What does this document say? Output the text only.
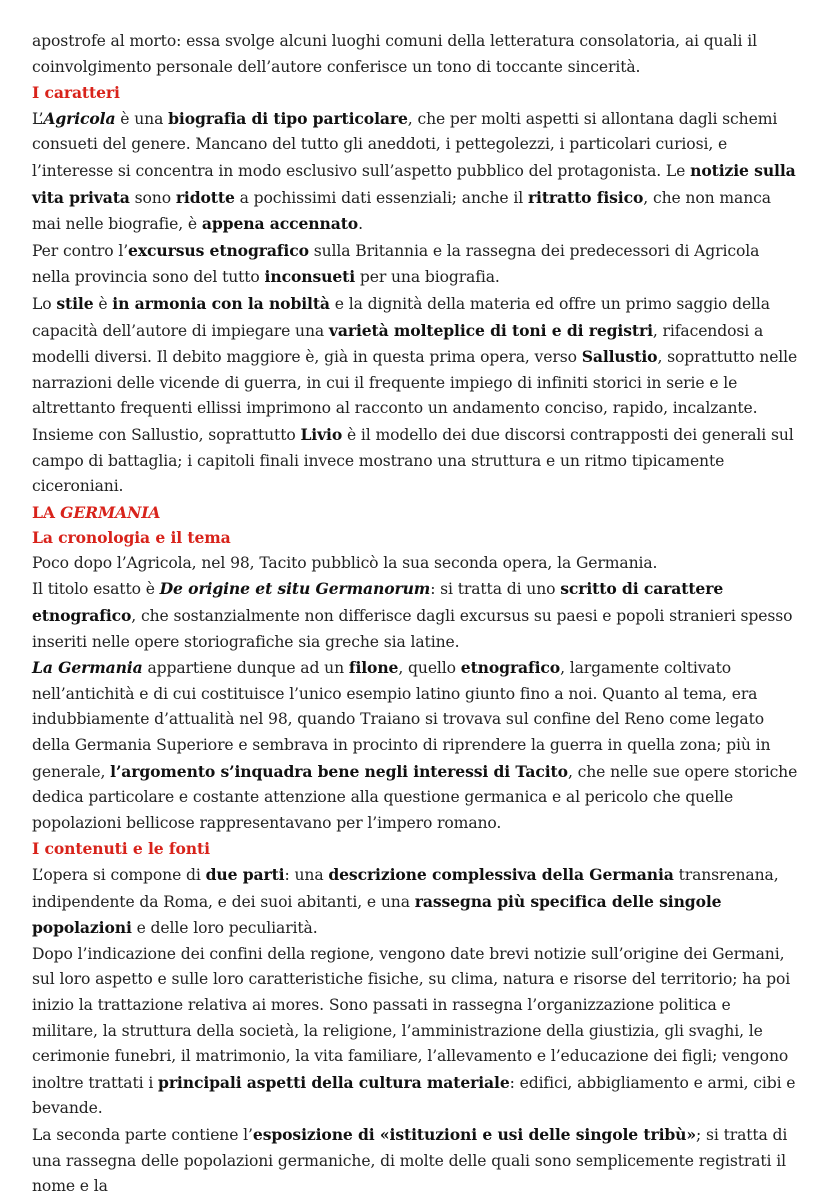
apostrofe al morto: essa svolge alcuni luoghi comuni della letteratura consolatoria, ai quali il coinvolgimento personale dell’autore conferisce un tono di toccante sincerità.
I caratteri
L’Agricola è una biografia di tipo particolare, che per molti aspetti si allontana dagli schemi consueti del genere. Mancano del tutto gli aneddoti, i pettegolezzi, i particolari curiosi, e l’interesse si concentra in modo esclusivo sull’aspetto pubblico del protagonista. Le notizie sulla vita privata sono ridotte a pochissimi dati essenziali; anche il ritratto fisico, che non manca mai nelle biografie, è appena accennato.
Per contro l’excursus etnografico sulla Britannia e la rassegna dei predecessori di Agricola nella provincia sono del tutto inconsueti per una biografia.
Lo stile è in armonia con la nobiltà e la dignità della materia ed offre un primo saggio della capacità dell’autore di impiegare una varietà molteplice di toni e di registri, rifacendosi a modelli diversi. Il debito maggiore è, già in questa prima opera, verso Sallustio, soprattutto nelle narrazioni delle vicende di guerra, in cui il frequente impiego di infiniti storici in serie e le altrettanto frequenti ellissi imprimono al racconto un andamento conciso, rapido, incalzante. Insieme con Sallustio, soprattutto Livio è il modello dei due discorsi contrapposti dei generali sul campo di battaglia; i capitoli finali invece mostrano una struttura e un ritmo tipicamente ciceroniani.
LA GERMANIA
La cronologia e il tema
Poco dopo l’Agricola, nel 98, Tacito pubblicò la sua seconda opera, la Germania.
Il titolo esatto è De origine et situ Germanorum: si tratta di uno scritto di carattere etnografico, che sostanzialmente non differisce dagli excursus su paesi e popoli stranieri spesso inseriti nelle opere storiografiche sia greche sia latine.
La Germania appartiene dunque ad un filone, quello etnografico, largamente coltivato nell’antichità e di cui costituisce l’unico esempio latino giunto fino a noi. Quanto al tema, era indubbiamente d’attualità nel 98, quando Traiano si trovava sul confine del Reno come legato della Germania Superiore e sembrava in procinto di riprendere la guerra in quella zona; più in generale, l’argomento s’inquadra bene negli interessi di Tacito, che nelle sue opere storiche dedica particolare e costante attenzione alla questione germanica e al pericolo che quelle popolazioni bellicose rappresentavano per l’impero romano.
I contenuti e le fonti
L’opera si compone di due parti: una descrizione complessiva della Germania transrenana, indipendente da Roma, e dei suoi abitanti, e una rassegna più specifica delle singole popolazioni e delle loro peculiarità.
Dopo l’indicazione dei confini della regione, vengono date brevi notizie sull’origine dei Germani, sul loro aspetto e sulle loro caratteristiche fisiche, su clima, natura e risorse del territorio; ha poi inizio la trattazione relativa ai mores. Sono passati in rassegna l’organizzazione politica e militare, la struttura della società, la religione, l’amministrazione della giustizia, gli svaghi, le cerimonie funebri, il matrimonio, la vita familiare, l’allevamento e l’educazione dei figli; vengono inoltre trattati i principali aspetti della cultura materiale: edifici, abbigliamento e armi, cibi e bevande.
La seconda parte contiene l’esposizione di «istituzioni e usi delle singole tribù»; si tratta di una rassegna delle popolazioni germaniche, di molte delle quali sono semplicemente registrati il nome e la
